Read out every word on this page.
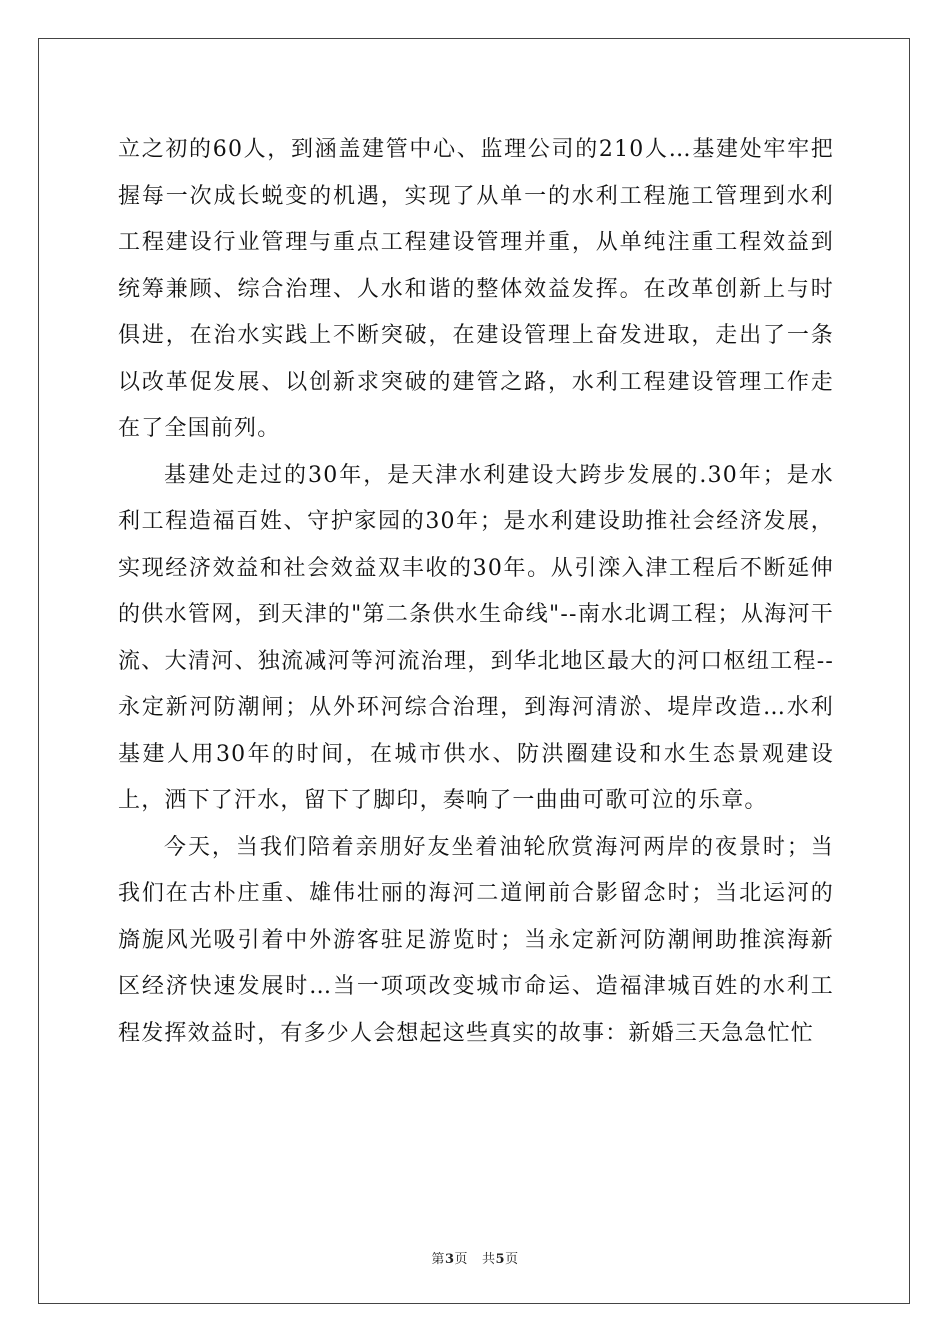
立之初的60人，到涵盖建管中心、监理公司的210人…基建处牢牢把握每一次成长蜕变的机遇，实现了从单一的水利工程施工管理到水利工程建设行业管理与重点工程建设管理并重，从单纯注重工程效益到统筹兼顾、综合治理、人水和谐的整体效益发挥。在改革创新上与时俱进，在治水实践上不断突破，在建设管理上奋发进取，走出了一条以改革促发展、以创新求突破的建管之路，水利工程建设管理工作走在了全国前列。

基建处走过的30年，是天津水利建设大跨步发展的.30年；是水利工程造福百姓、守护家园的30年；是水利建设助推社会经济发展，实现经济效益和社会效益双丰收的30年。从引滦入津工程后不断延伸的供水管网，到天津的"第二条供水生命线"--南水北调工程；从海河干流、大清河、独流减河等河流治理，到华北地区最大的河口枢纽工程--永定新河防潮闸；从外环河综合治理，到海河清淤、堤岸改造…水利基建人用30年的时间，在城市供水、防洪圈建设和水生态景观建设上，洒下了汗水，留下了脚印，奏响了一曲曲可歌可泣的乐章。

今天，当我们陪着亲朋好友坐着油轮欣赏海河两岸的夜景时；当我们在古朴庄重、雄伟壮丽的海河二道闸前合影留念时；当北运河的旖旎风光吸引着中外游客驻足游览时；当永定新河防潮闸助推滨海新区经济快速发展时…当一项项改变城市命运、造福津城百姓的水利工程发挥效益时，有多少人会想起这些真实的故事：新婚三天急急忙忙

第3页 共5页
